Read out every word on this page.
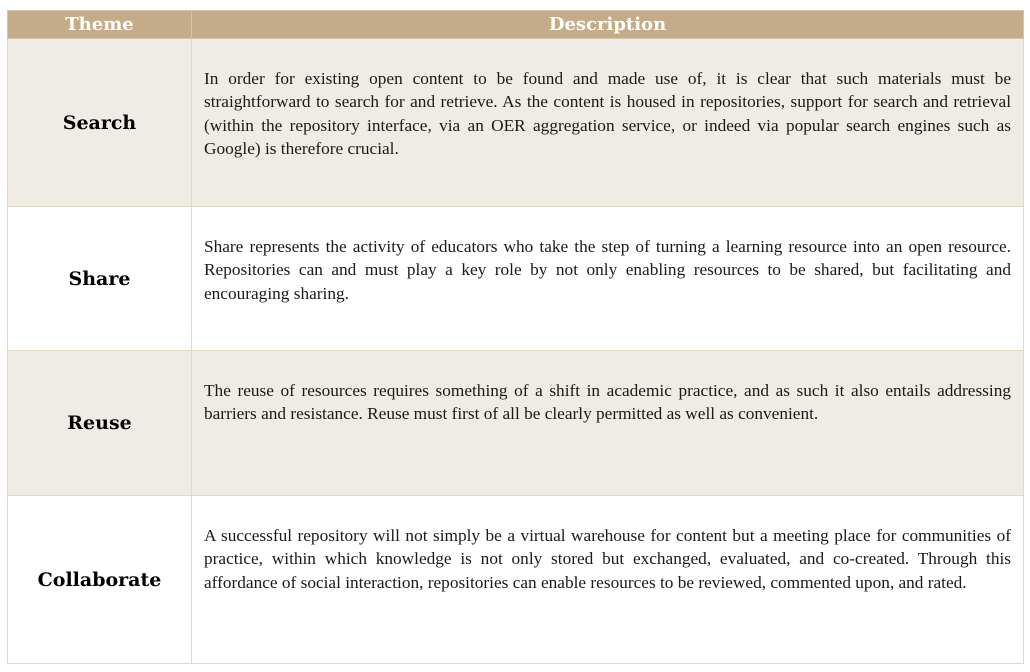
Theme	Description
Search	In order for existing open content to be found and made use of, it is clear that such materials must be straightforward to search for and retrieve. As the content is housed in repositories, support for search and retrieval (within the repository interface, via an OER aggregation service, or indeed via popular search engines such as Google) is therefore crucial.

Share	Share represents the activity of educators who take the step of turning a learning resource into an open resource. Repositories can and must play a key role by not only enabling resources to be shared, but facilitating and encouraging sharing.

Reuse	The reuse of resources requires something of a shift in academic practice, and as such it also entails addressing barriers and resistance. Reuse must first of all be clearly permitted as well as convenient.

Collaborate	A successful repository will not simply be a virtual warehouse for content but a meeting place for communities of practice, within which knowledge is not only stored but exchanged, evaluated, and co-created. Through this affordance of social interaction, repositories can enable resources to be reviewed, commented upon, and rated.
